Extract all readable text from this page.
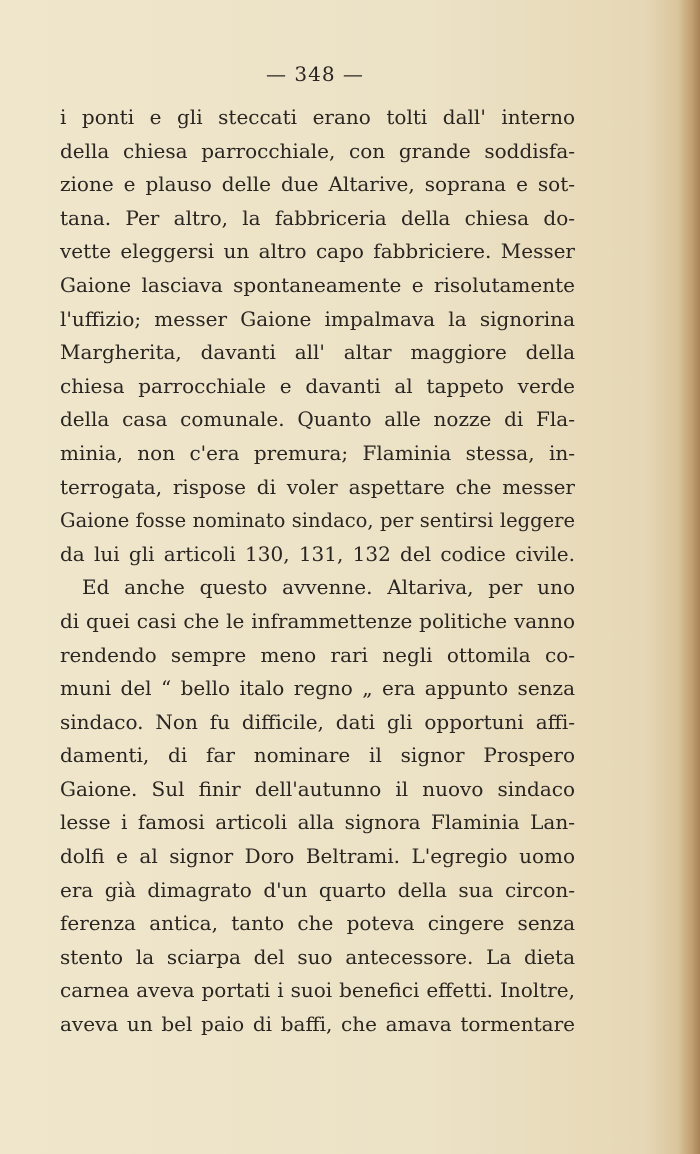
— 348 —
i ponti e gli steccati erano tolti dall' interno
della chiesa parrocchiale, con grande soddisfa-
zione e plauso delle due Altarive, soprana e sot-
tana. Per altro, la fabbriceria della chiesa do-
vette eleggersi un altro capo fabbriciere. Messer
Gaione lasciava spontaneamente e risolutamente
l'uffizio; messer Gaione impalmava la signorina
Margherita, davanti all' altar maggiore della
chiesa parrocchiale e davanti al tappeto verde
della casa comunale. Quanto alle nozze di Fla-
minia, non c'era premura; Flaminia stessa, in-
terrogata, rispose di voler aspettare che messer
Gaione fosse nominato sindaco, per sentirsi leggere
da lui gli articoli 130, 131, 132 del codice civile.
Ed anche questo avvenne. Altariva, per uno
di quei casi che le inframmettenze politiche vanno
rendendo sempre meno rari negli ottomila co-
muni del “ bello italo regno „ era appunto senza
sindaco. Non fu difficile, dati gli opportuni affi-
damenti, di far nominare il signor Prospero
Gaione. Sul finir dell'autunno il nuovo sindaco
lesse i famosi articoli alla signora Flaminia Lan-
dolfi e al signor Doro Beltrami. L'egregio uomo
era già dimagrato d'un quarto della sua circon-
ferenza antica, tanto che poteva cingere senza
stento la sciarpa del suo antecessore. La dieta
carnea aveva portati i suoi benefici effetti. Inoltre,
aveva un bel paio di baffi, che amava tormentare
